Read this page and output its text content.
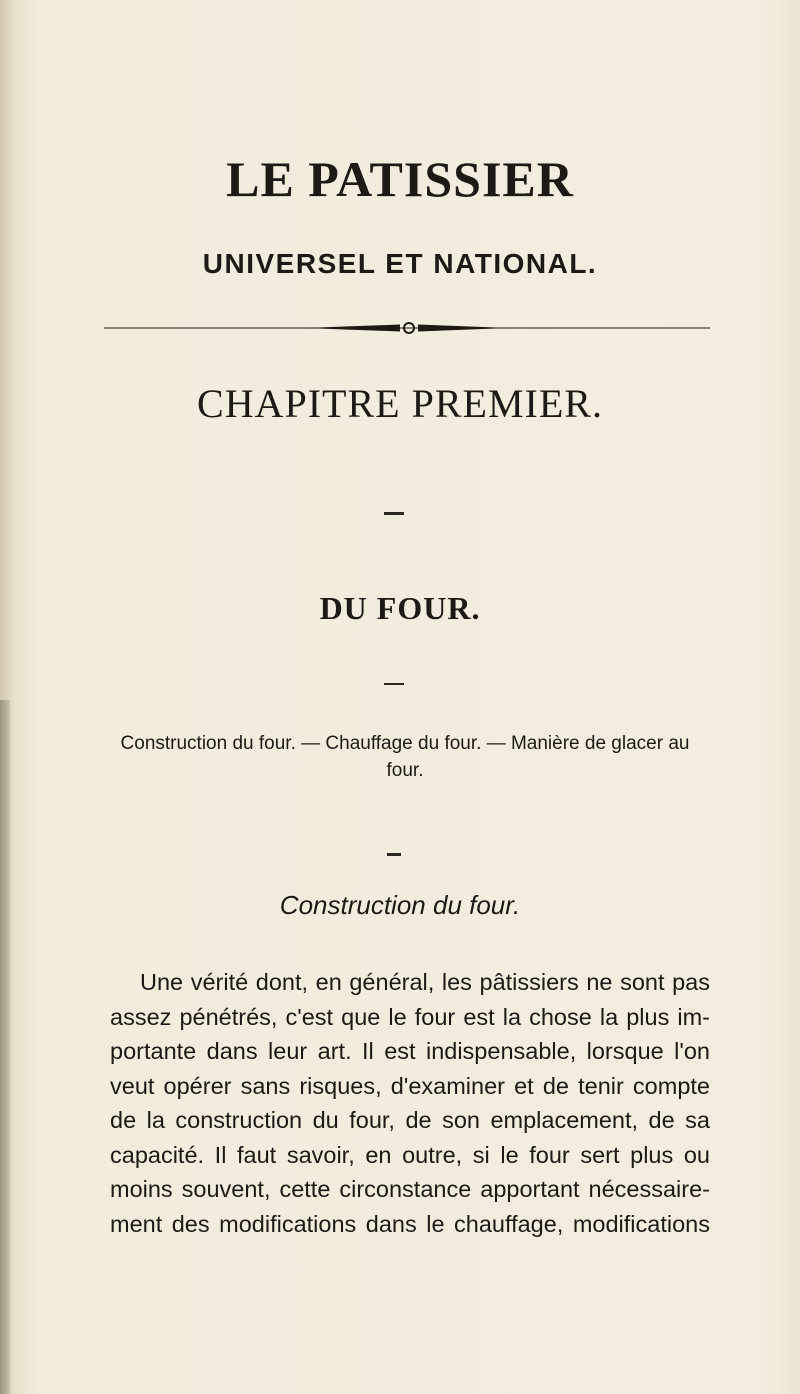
LE PATISSIER
UNIVERSEL ET NATIONAL.
CHAPITRE PREMIER.
DU FOUR.
Construction du four. — Chauffage du four. — Manière de glacer au
four.
Construction du four.
Une vérité dont, en général, les pâtissiers ne sont pas
assez pénétrés, c'est que le four est la chose la plus im-
portante dans leur art. Il est indispensable, lorsque l'on
veut opérer sans risques, d'examiner et de tenir compte
de la construction du four, de son emplacement, de sa
capacité. Il faut savoir, en outre, si le four sert plus ou
moins souvent, cette circonstance apportant nécessaire-
ment des modifications dans le chauffage, modifications
